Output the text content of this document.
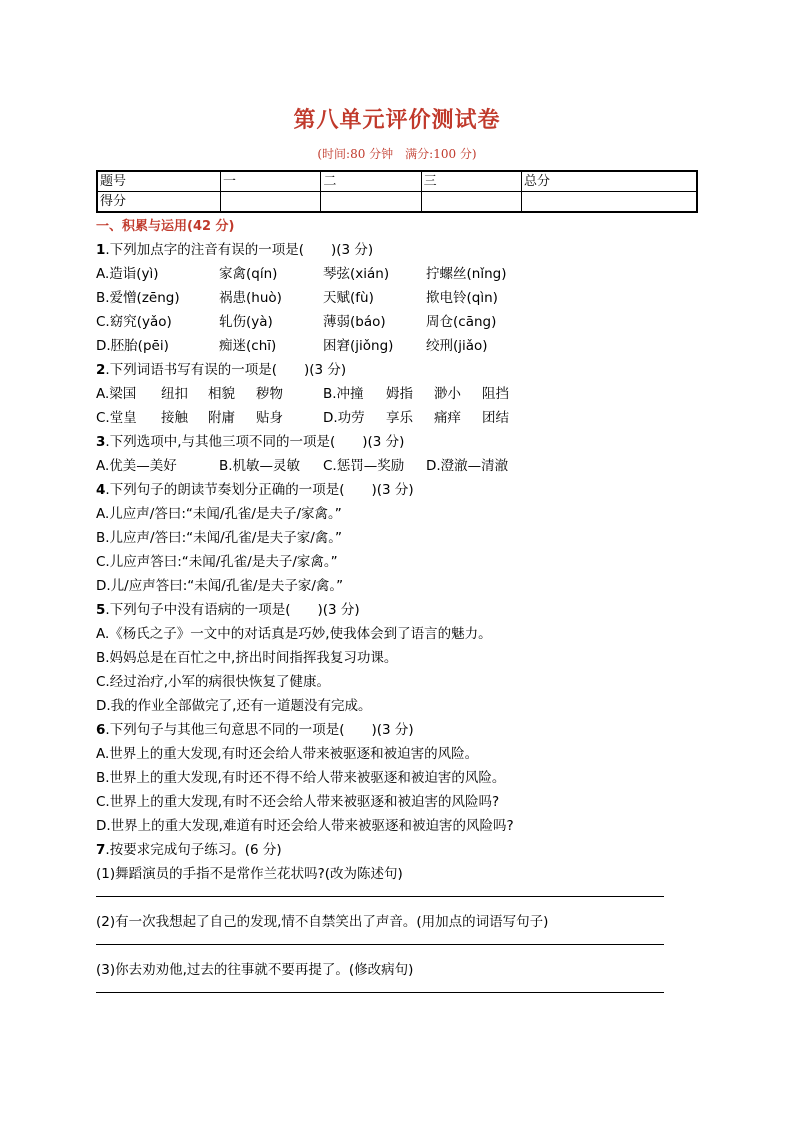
第八单元评价测试卷
(时间:80 分钟　满分:100 分)
题号	一	二	三	总分
得分				
一、积累与运用(42 分)
1.下列加点字的注音有误的一项是(　　)(3 分)
A.造诣(yì)	家禽(qín)	琴弦(xián)	拧螺丝(nǐng)
B.爱憎(zēng)	祸患(huò)	天赋(fù)	揿电铃(qìn)
C.窈究(yǎo)	轧伤(yà)	薄弱(báo)	周仓(cāng)
D.胚胎(pēi)	痴迷(chī)	困窘(jiǒng) 绞刑(jiǎo)
2.下列词语书写有误的一项是(　　)(3 分)
A.梁国 纽扣 相貌 秽物	B.冲撞 姆指 渺小 阻挡
C.堂皇 接触 附庸 贴身	D.功劳 享乐 痛痒 团结
3.下列选项中,与其他三项不同的一项是(　　)(3 分)
A.优美—美好	B.机敏—灵敏 C.惩罚—奖励 D.澄澈—清澈
4.下列句子的朗读节奏划分正确的一项是(　　)(3 分)
A.儿应声/答曰:“未闻/孔雀/是夫子/家禽。”
B.儿应声/答曰:“未闻/孔雀/是夫子家/禽。”
C.儿应声答曰:“未闻/孔雀/是夫子/家禽。”
D.儿/应声答曰:“未闻/孔雀/是夫子家/禽。”
5.下列句子中没有语病的一项是(　　)(3 分)
A.《杨氏之子》一文中的对话真是巧妙,使我体会到了语言的魅力。
B.妈妈总是在百忙之中,挤出时间指挥我复习功课。
C.经过治疗,小军的病很快恢复了健康。
D.我的作业全部做完了,还有一道题没有完成。
6.下列句子与其他三句意思不同的一项是(　　)(3 分)
A.世界上的重大发现,有时还会给人带来被驱逐和被迫害的风险。
B.世界上的重大发现,有时还不得不给人带来被驱逐和被迫害的风险。
C.世界上的重大发现,有时不还会给人带来被驱逐和被迫害的风险吗?
D.世界上的重大发现,难道有时还会给人带来被驱逐和被迫害的风险吗?
7.按要求完成句子练习。(6 分)
(1)舞蹈演员的手指不是常作兰花状吗?(改为陈述句)
(2)有一次我想起了自己的发现,情不自禁笑出了声音。(用加点的词语写句子)
(3)你去劝劝他,过去的往事就不要再提了。(修改病句)
